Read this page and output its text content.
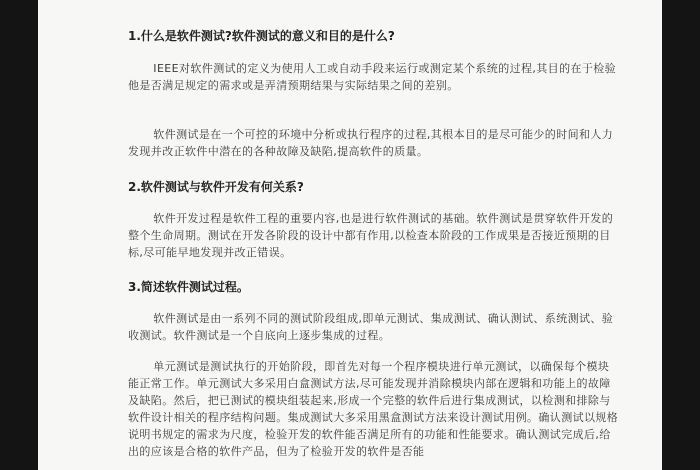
1.什么是软件测试?软件测试的意义和目的是什么?
IEEE对软件测试的定义为使用人工或自动手段来运行或测定某个系统的过程,其目的在于检验他是否满足规定的需求或是弄清预期结果与实际结果之间的差别。
软件测试是在一个可控的环境中分析或执行程序的过程,其根本目的是尽可能少的时间和人力发现并改正软件中潜在的各种故障及缺陷,提高软件的质量。
2.软件测试与软件开发有何关系?
软件开发过程是软件工程的重要内容,也是进行软件测试的基础。软件测试是贯穿软件开发的整个生命周期。测试在开发各阶段的设计中都有作用,以检查本阶段的工作成果是否接近预期的目标,尽可能早地发现并改正错误。
3.简述软件测试过程。
软件测试是由一系列不同的测试阶段组成,即单元测试、集成测试、确认测试、系统测试、验收测试。软件测试是一个自底向上逐步集成的过程。
单元测试是测试执行的开始阶段，即首先对每一个程序模块进行单元测试，以确保每个模块能正常工作。单元测试大多采用白盒测试方法,尽可能发现并消除模块内部在逻辑和功能上的故障及缺陷。然后，把已测试的模块组装起来,形成一个完整的软件后进行集成测试，以检测和排除与软件设计相关的程序结构问题。集成测试大多采用黑盒测试方法来设计测试用例。确认测试以规格说明书规定的需求为尺度，检验开发的软件能否满足所有的功能和性能要求。确认测试完成后,给出的应该是合格的软件产品，但为了检验开发的软件是否能
